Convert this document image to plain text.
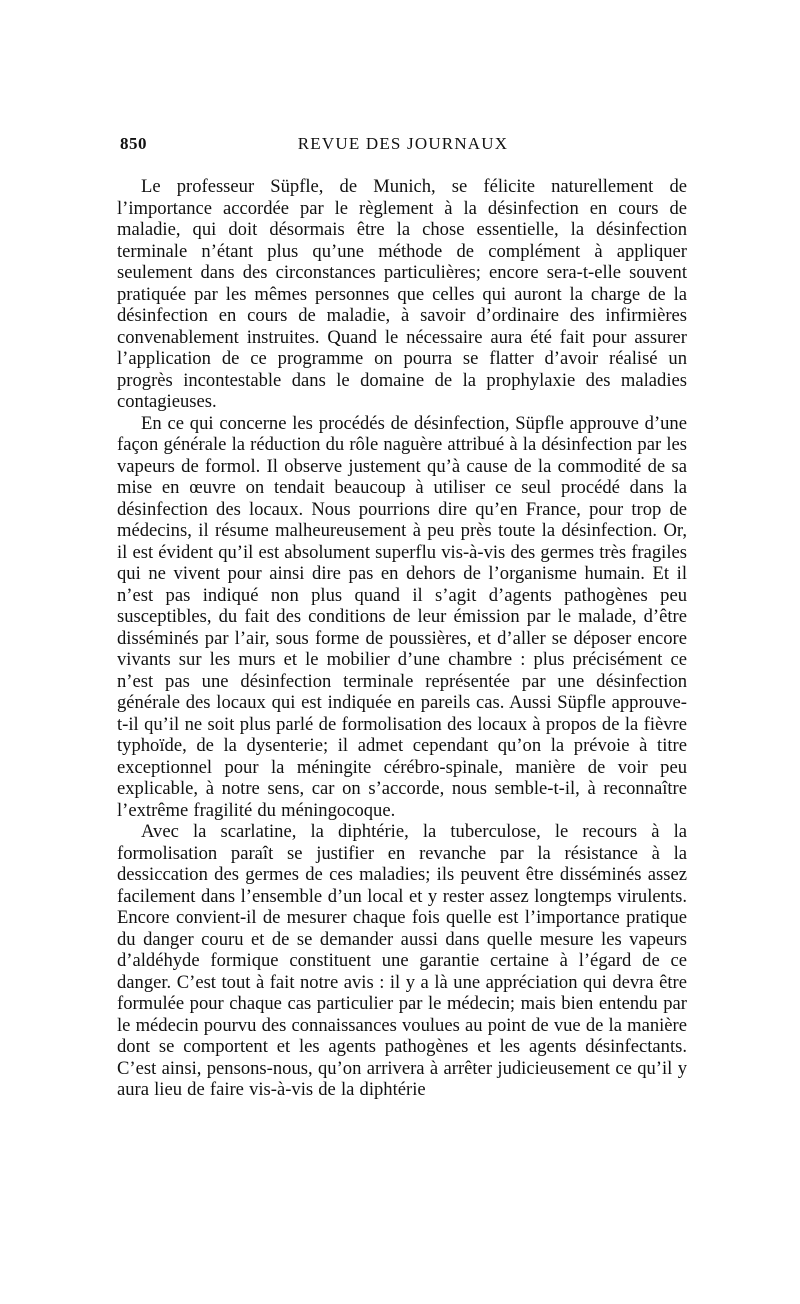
850	REVUE DES JOURNAUX

Le professeur Süpfle, de Munich, se félicite naturellement de l’importance accordée par le règlement à la désinfection en cours de maladie, qui doit désormais être la chose essentielle, la désinfection terminale n’étant plus qu’une méthode de complément à appliquer seulement dans des circonstances particulières; encore sera-t-elle souvent pratiquée par les mêmes personnes que celles qui auront la charge de la désinfection en cours de maladie, à savoir d’ordinaire des infirmières convenablement instruites. Quand le nécessaire aura été fait pour assurer l’application de ce programme on pourra se flatter d’avoir réalisé un progrès incontestable dans le domaine de la prophylaxie des maladies contagieuses.

En ce qui concerne les procédés de désinfection, Süpfle approuve d’une façon générale la réduction du rôle naguère attribué à la désinfection par les vapeurs de formol. Il observe justement qu’à cause de la commodité de sa mise en œuvre on tendait beaucoup à utiliser ce seul procédé dans la désinfection des locaux. Nous pourrions dire qu’en France, pour trop de médecins, il résume malheureusement à peu près toute la désinfection. Or, il est évident qu’il est absolument superflu vis-à-vis des germes très fragiles qui ne vivent pour ainsi dire pas en dehors de l’organisme humain. Et il n’est pas indiqué non plus quand il s’agit d’agents pathogènes peu susceptibles, du fait des conditions de leur émission par le malade, d’être disséminés par l’air, sous forme de poussières, et d’aller se déposer encore vivants sur les murs et le mobilier d’une chambre : plus précisément ce n’est pas une désinfection terminale représentée par une désinfection générale des locaux qui est indiquée en pareils cas. Aussi Süpfle approuve-t-il qu’il ne soit plus parlé de formolisation des locaux à propos de la fièvre typhoïde, de la dysenterie; il admet cependant qu’on la prévoie à titre exceptionnel pour la méningite cérébro-spinale, manière de voir peu explicable, à notre sens, car on s’accorde, nous semble-t-il, à reconnaître l’extrême fragilité du méningocoque.

Avec la scarlatine, la diphtérie, la tuberculose, le recours à la formolisation paraît se justifier en revanche par la résistance à la dessiccation des germes de ces maladies; ils peuvent être disséminés assez facilement dans l’ensemble d’un local et y rester assez longtemps virulents. Encore convient-il de mesurer chaque fois quelle est l’importance pratique du danger couru et de se demander aussi dans quelle mesure les vapeurs d’aldéhyde formique constituent une garantie certaine à l’égard de ce danger. C’est tout à fait notre avis : il y a là une appréciation qui devra être formulée pour chaque cas particulier par le médecin; mais bien entendu par le médecin pourvu des connaissances voulues au point de vue de la manière dont se comportent et les agents pathogènes et les agents désinfectants. C’est ainsi, pensons-nous, qu’on arrivera à arrêter judicieusement ce qu’il y aura lieu de faire vis-à-vis de la diphtérie
